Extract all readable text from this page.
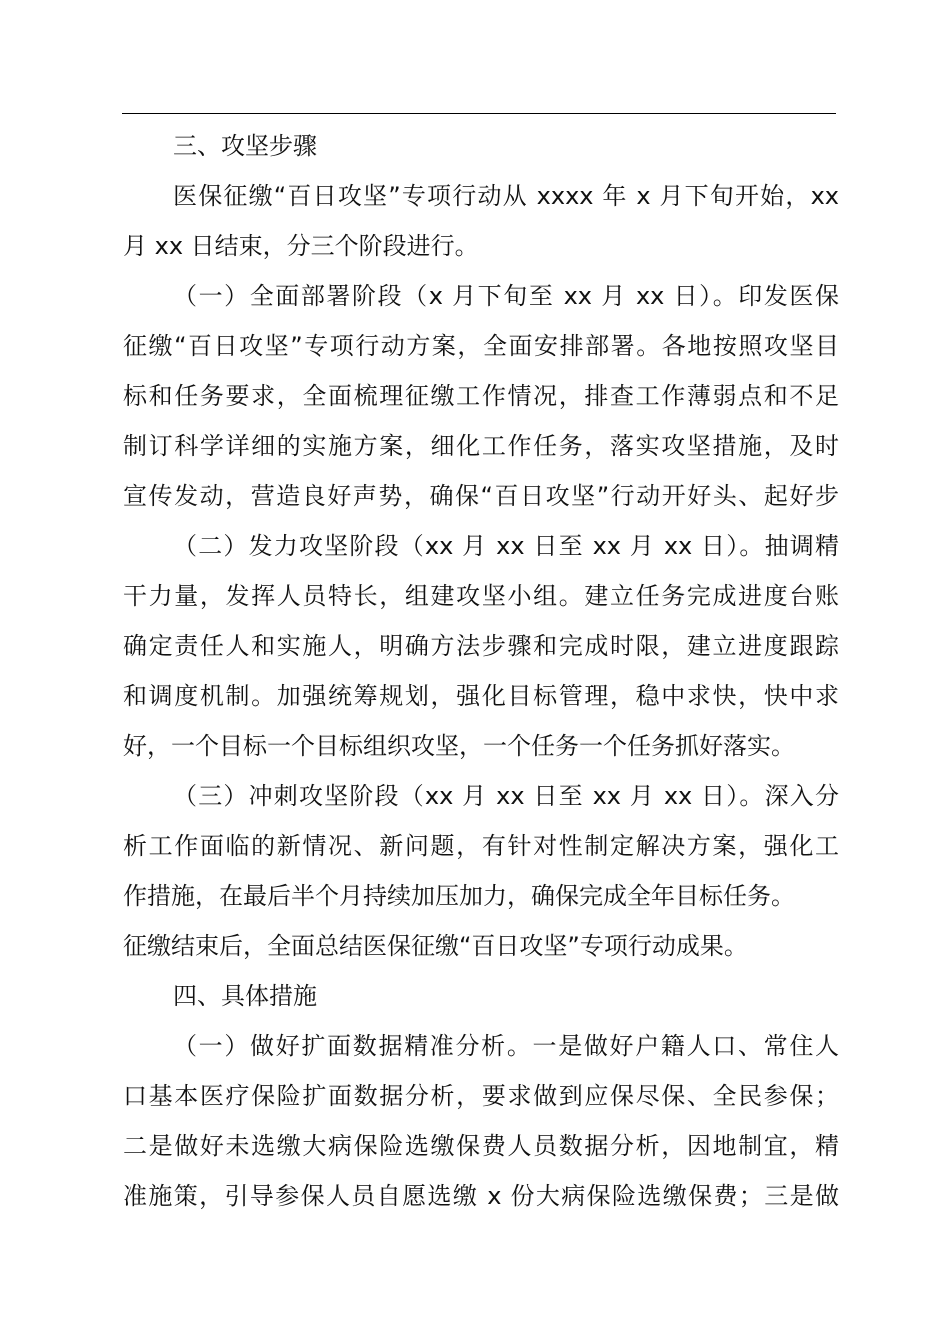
三、攻坚步骤
医保征缴“百日攻坚”专项行动从 xxxx 年 x 月下旬开始，xx
月 xx 日结束，分三个阶段进行。
（一）全面部署阶段（x 月下旬至 xx 月 xx 日）。印发医保
征缴“百日攻坚”专项行动方案，全面安排部署。各地按照攻坚目
标和任务要求，全面梳理征缴工作情况，排查工作薄弱点和不足
制订科学详细的实施方案，细化工作任务，落实攻坚措施，及时
宣传发动，营造良好声势，确保“百日攻坚”行动开好头、起好步
（二）发力攻坚阶段（xx 月 xx 日至 xx 月 xx 日）。抽调精
干力量，发挥人员特长，组建攻坚小组。建立任务完成进度台账
确定责任人和实施人，明确方法步骤和完成时限，建立进度跟踪
和调度机制。加强统筹规划，强化目标管理，稳中求快，快中求
好，一个目标一个目标组织攻坚，一个任务一个任务抓好落实。
（三）冲刺攻坚阶段（xx 月 xx 日至 xx 月 xx 日）。深入分
析工作面临的新情况、新问题，有针对性制定解决方案，强化工
作措施，在最后半个月持续加压加力，确保完成全年目标任务。
征缴结束后，全面总结医保征缴“百日攻坚”专项行动成果。
四、具体措施
（一）做好扩面数据精准分析。一是做好户籍人口、常住人
口基本医疗保险扩面数据分析，要求做到应保尽保、全民参保；
二是做好未选缴大病保险选缴保费人员数据分析，因地制宜，精
准施策，引导参保人员自愿选缴 x 份大病保险选缴保费；三是做
